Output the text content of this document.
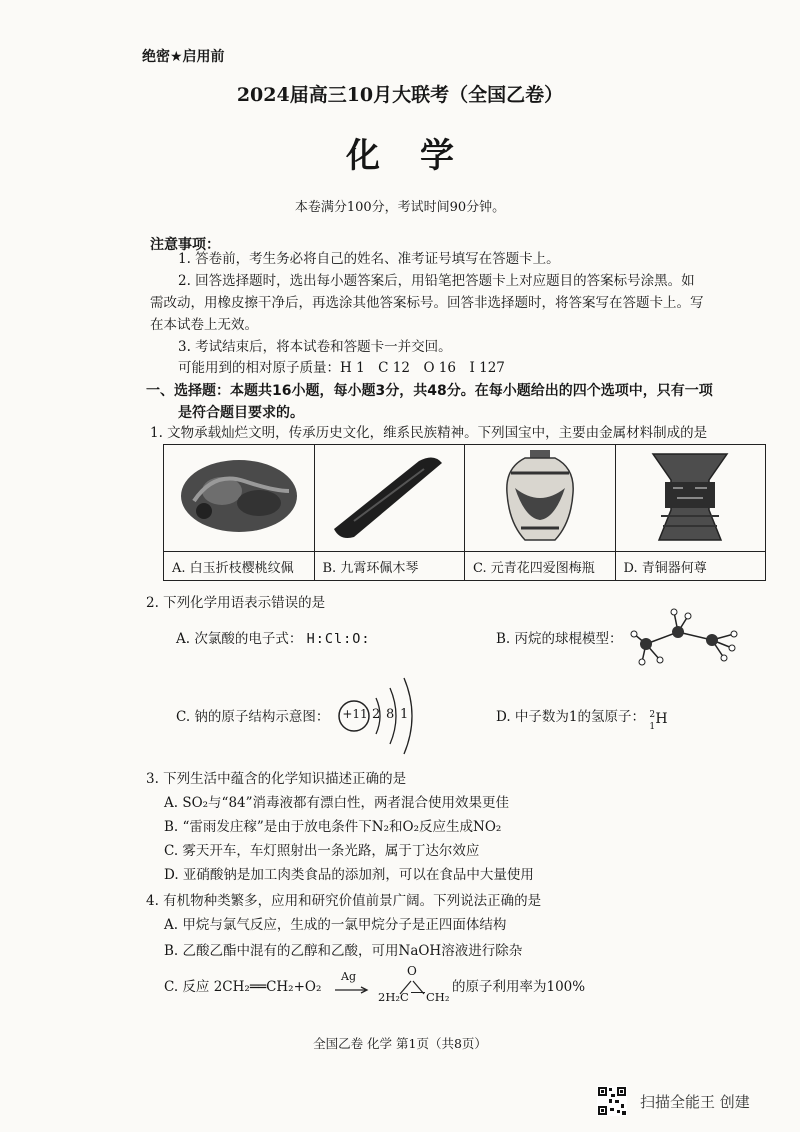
绝密★启用前
2024届高三10月大联考（全国乙卷）
化学
本卷满分100分，考试时间90分钟。
注意事项：
1. 答卷前，考生务必将自己的姓名、准考证号填写在答题卡上。
2. 回答选择题时，选出每小题答案后，用铅笔把答题卡上对应题目的答案标号涂黑。如
需改动，用橡皮擦干净后，再选涂其他答案标号。回答非选择题时，将答案写在答题卡上。写
在本试卷上无效。
3. 考试结束后，将本试卷和答题卡一并交回。
可能用到的相对原子质量：H 1　C 12　O 16　I 127
一、选择题：本题共16小题，每小题3分，共48分。在每小题给出的四个选项中，只有一项
是符合题目要求的。
1. 文物承载灿烂文明，传承历史文化，维系民族精神。下列国宝中，主要由金属材料制成的是

A. 白玉折枝樱桃纹佩	B. 九霄环佩木琴	C. 元青花四爱图梅瓶	D. 青铜器何尊
2. 下列化学用语表示错误的是
A. 次氯酸的电子式： H:Cl:O:	B. 丙烷的球棍模型：
C. 钠的原子结构示意图：	+11 2 8 1	D. 中子数为1的氢原子： 2
1 H
3. 下列生活中蕴含的化学知识描述正确的是
A. SO₂与“84”消毒液都有漂白性，两者混合使用效果更佳
B. “雷雨发庄稼”是由于放电条件下N₂和O₂反应生成NO₂
C. 雾天开车，车灯照射出一条光路，属于丁达尔效应
D. 亚硝酸钠是加工肉类食品的添加剂，可以在食品中大量使用
4. 有机物种类繁多，应用和研究价值前景广阔。下列说法正确的是
A. 甲烷与氯气反应，生成的一氯甲烷分子是正四面体结构
B. 乙酸乙酯中混有的乙醇和乙酸，可用NaOH溶液进行除杂
C. 反应 2CH₂══CH₂+O₂
Ag	O
2H₂C CH₂
的原子利用率为100%
全国乙卷 化学 第1页（共8页）
扫描全能王 创建
